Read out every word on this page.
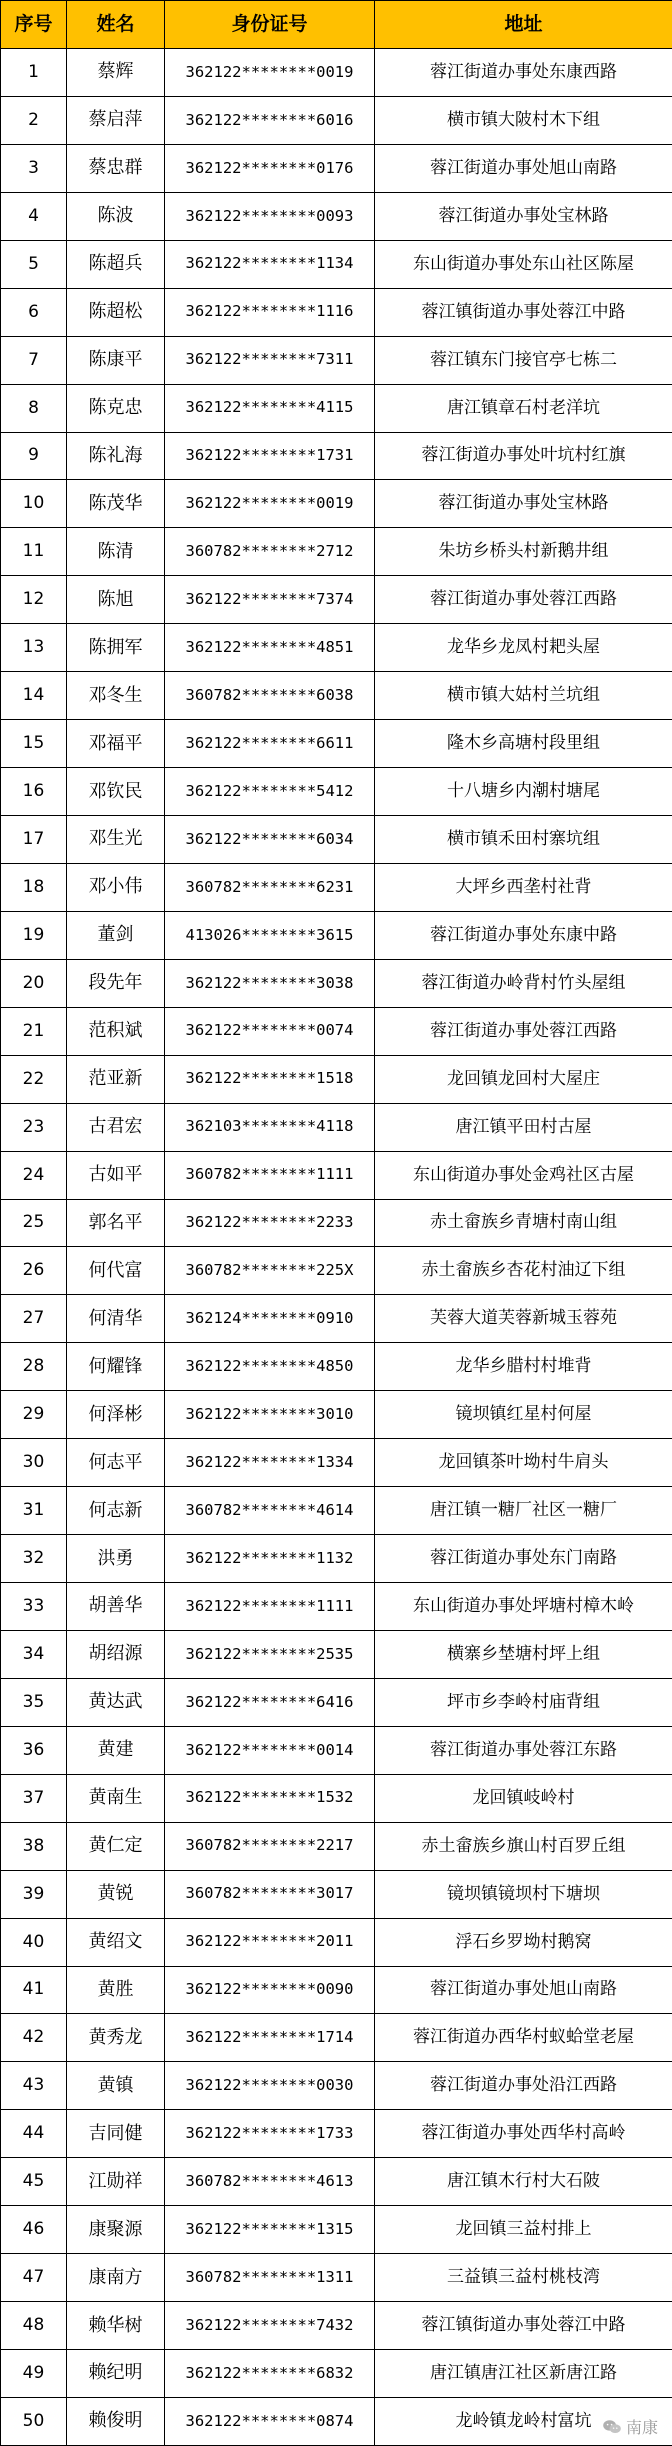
序号	姓名	身份证号	地址
1	蔡辉	362122********0019	蓉江街道办事处东康西路
2	蔡启萍	362122********6016	横市镇大陂村木下组
3	蔡忠群	362122********0176	蓉江街道办事处旭山南路
4	陈波	362122********0093	蓉江街道办事处宝林路
5	陈超兵	362122********1134	东山街道办事处东山社区陈屋
6	陈超松	362122********1116	蓉江镇街道办事处蓉江中路
7	陈康平	362122********7311	蓉江镇东门接官亭七栋二
8	陈克忠	362122********4115	唐江镇章石村老洋坑
9	陈礼海	362122********1731	蓉江街道办事处叶坑村红旗
10	陈茂华	362122********0019	蓉江街道办事处宝林路
11	陈清	360782********2712	朱坊乡桥头村新鹅井组
12	陈旭	362122********7374	蓉江街道办事处蓉江西路
13	陈拥军	362122********4851	龙华乡龙凤村耙头屋
14	邓冬生	360782********6038	横市镇大姑村兰坑组
15	邓福平	362122********6611	隆木乡高塘村段里组
16	邓钦民	362122********5412	十八塘乡内潮村塘尾
17	邓生光	362122********6034	横市镇禾田村寨坑组
18	邓小伟	360782********6231	大坪乡西垄村社背
19	董剑	413026********3615	蓉江街道办事处东康中路
20	段先年	362122********3038	蓉江街道办岭背村竹头屋组
21	范积斌	362122********0074	蓉江街道办事处蓉江西路
22	范亚新	362122********1518	龙回镇龙回村大屋庄
23	古君宏	362103********4118	唐江镇平田村古屋
24	古如平	360782********1111	东山街道办事处金鸡社区古屋
25	郭名平	362122********2233	赤土畲族乡青塘村南山组
26	何代富	360782********225X	赤土畲族乡杏花村油辽下组
27	何清华	362124********0910	芙蓉大道芙蓉新城玉蓉苑
28	何耀锋	362122********4850	龙华乡腊村村堆背
29	何泽彬	362122********3010	镜坝镇红星村何屋
30	何志平	362122********1334	龙回镇茶叶坳村牛肩头
31	何志新	360782********4614	唐江镇一糖厂社区一糖厂
32	洪勇	362122********1132	蓉江街道办事处东门南路
33	胡善华	362122********1111	东山街道办事处坪塘村樟木岭
34	胡绍源	362122********2535	横寨乡埜塘村坪上组
35	黄达武	362122********6416	坪市乡李岭村庙背组
36	黄建	362122********0014	蓉江街道办事处蓉江东路
37	黄南生	362122********1532	龙回镇岐岭村
38	黄仁定	360782********2217	赤土畲族乡旗山村百罗丘组
39	黄锐	360782********3017	镜坝镇镜坝村下塘坝
40	黄绍文	362122********2011	浮石乡罗坳村鹅窝
41	黄胜	362122********0090	蓉江街道办事处旭山南路
42	黄秀龙	362122********1714	蓉江街道办西华村蚁蛤堂老屋
43	黄镇	362122********0030	蓉江街道办事处沿江西路
44	吉同健	362122********1733	蓉江街道办事处西华村高岭
45	江勋祥	360782********4613	唐江镇木行村大石陂
46	康聚源	362122********1315	龙回镇三益村排上
47	康南方	360782********1311	三益镇三益村桃枝湾
48	赖华树	362122********7432	蓉江镇街道办事处蓉江中路
49	赖纪明	362122********6832	唐江镇唐江社区新唐江路
50	赖俊明	362122********0874	龙岭镇龙岭村富坑 南康
